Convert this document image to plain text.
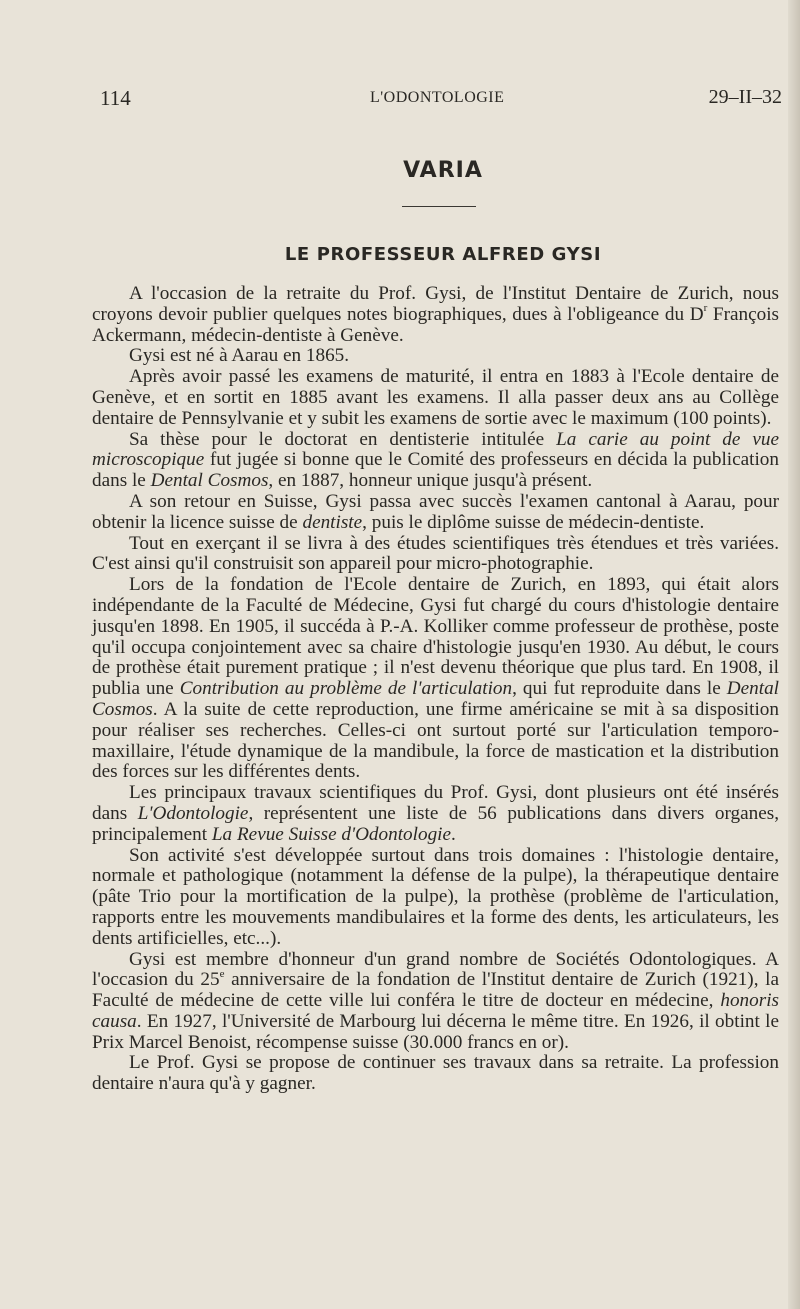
114	L'ODONTOLOGIE	29–II–32
VARIA
LE PROFESSEUR ALFRED GYSI

A l'occasion de la retraite du Prof. Gysi, de l'Institut Dentaire de Zurich, nous croyons devoir publier quelques notes biographiques, dues à l'obligeance du $D^r$ François Ackermann, médecin-dentiste à Genève.

Gysi est né à Aarau en 1865.

Après avoir passé les examens de maturité, il entra en 1883 à l'Ecole dentaire de Genève, et en sortit en 1885 avant les examens. Il alla passer deux ans au Collège dentaire de Pennsylvanie et y subit les examens de sortie avec le maximum (100 points).

Sa thèse pour le doctorat en dentisterie intitulée La carie au point de vue microscopique fut jugée si bonne que le Comité des professeurs en décida la publication dans le Dental Cosmos, en 1887, honneur unique jusqu'à présent.

A son retour en Suisse, Gysi passa avec succès l'examen cantonal à Aarau, pour obtenir la licence suisse de dentiste, puis le diplôme suisse de médecin-dentiste.

Tout en exerçant il se livra à des études scientifiques très étendues et très variées. C'est ainsi qu'il construisit son appareil pour micro-photographie.

Lors de la fondation de l'Ecole dentaire de Zurich, en 1893, qui était alors indépendante de la Faculté de Médecine, Gysi fut chargé du cours d'histologie dentaire jusqu'en 1898. En 1905, il succéda à P.-A. Kolliker comme professeur de prothèse, poste qu'il occupa conjointement avec sa chaire d'histologie jusqu'en 1930. Au début, le cours de prothèse était purement pratique ; il n'est devenu théorique que plus tard. En 1908, il publia une Contribution au problème de l'articulation, qui fut reproduite dans le Dental Cosmos. A la suite de cette reproduction, une firme américaine se mit à sa disposition pour réaliser ses recherches. Celles-ci ont surtout porté sur l'articulation temporo-maxillaire, l'étude dynamique de la mandibule, la force de mastication et la distribution des forces sur les différentes dents.

Les principaux travaux scientifiques du Prof. Gysi, dont plusieurs ont été insérés dans L'Odontologie, représentent une liste de 56 publications dans divers organes, principalement La Revue Suisse d'Odontologie.

Son activité s'est développée surtout dans trois domaines : l'histologie dentaire, normale et pathologique (notamment la défense de la pulpe), la thérapeutique dentaire (pâte Trio pour la mortification de la pulpe), la prothèse (problème de l'articulation, rapports entre les mouvements mandibulaires et la forme des dents, les articulateurs, les dents artificielles, etc...).

Gysi est membre d'honneur d'un grand nombre de Sociétés Odontologiques. A l'occasion du 25e anniversaire de la fondation de l'Institut dentaire de Zurich (1921), la Faculté de médecine de cette ville lui conféra le titre de docteur en médecine, honoris causa. En 1927, l'Université de Marbourg lui décerna le même titre. En 1926, il obtint le Prix Marcel Benoist, récompense suisse (30.000 francs en or).

Le Prof. Gysi se propose de continuer ses travaux dans sa retraite. La profession dentaire n'aura qu'à y gagner.
